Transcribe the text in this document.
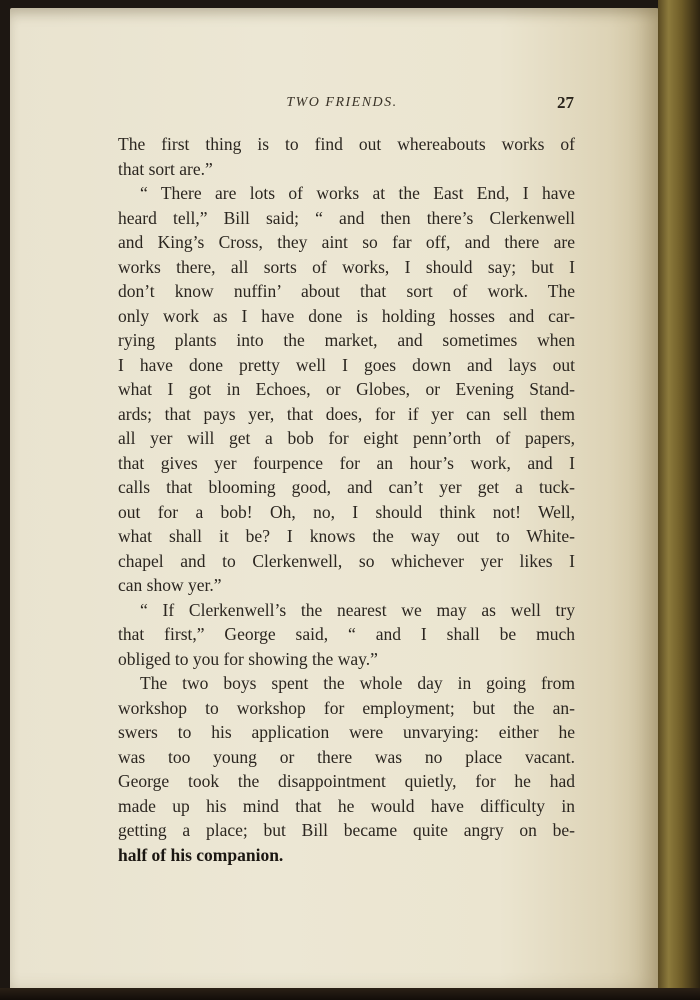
TWO FRIENDS.	27
The first thing is to find out whereabouts works of
that sort are.”
“ There are lots of works at the East End, I have
heard tell,” Bill said; “ and then there’s Clerkenwell
and King’s Cross, they aint so far off, and there are
works there, all sorts of works, I should say; but I
don’t know nuffin’ about that sort of work. The
only work as I have done is holding hosses and car-
rying plants into the market, and sometimes when
I have done pretty well I goes down and lays out
what I got in Echoes, or Globes, or Evening Stand-
ards; that pays yer, that does, for if yer can sell them
all yer will get a bob for eight penn’orth of papers,
that gives yer fourpence for an hour’s work, and I
calls that blooming good, and can’t yer get a tuck-
out for a bob! Oh, no, I should think not! Well,
what shall it be? I knows the way out to White-
chapel and to Clerkenwell, so whichever yer likes I
can show yer.”
“ If Clerkenwell’s the nearest we may as well try
that first,” George said, “ and I shall be much
obliged to you for showing the way.”
The two boys spent the whole day in going from
workshop to workshop for employment; but the an-
swers to his application were unvarying: either he
was too young or there was no place vacant.
George took the disappointment quietly, for he had
made up his mind that he would have difficulty in
getting a place; but Bill became quite angry on be-
half of his companion.
